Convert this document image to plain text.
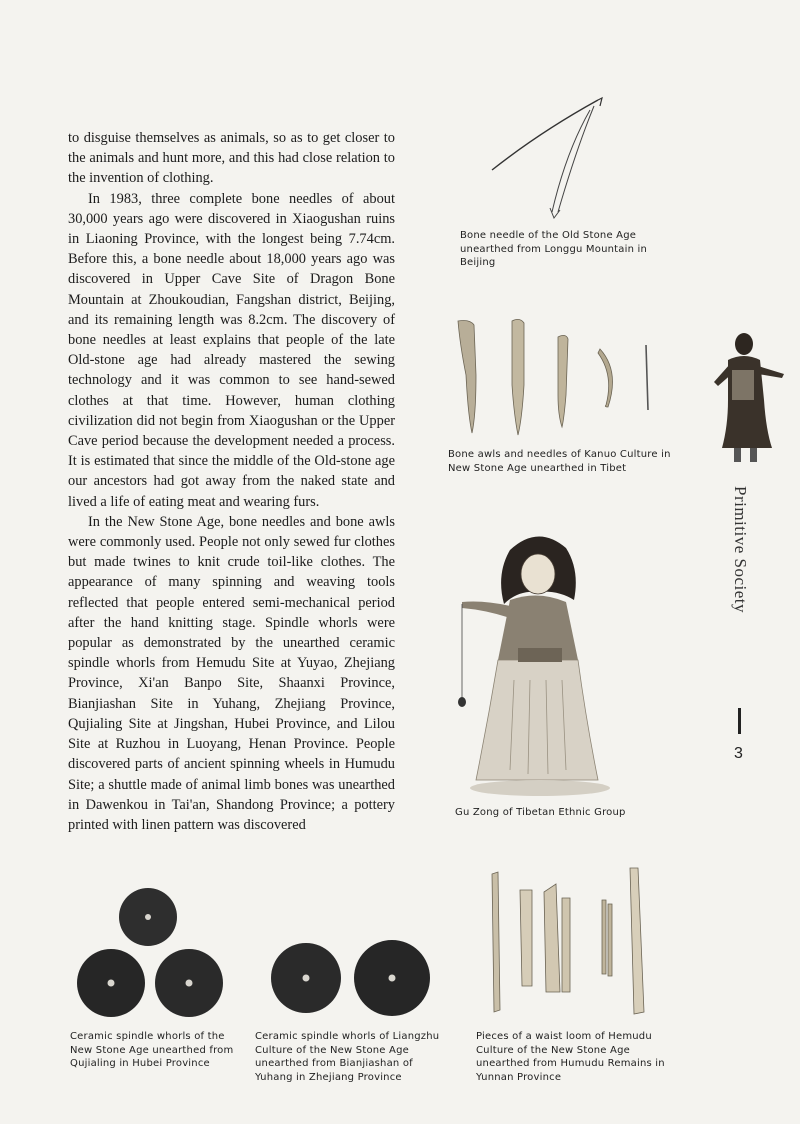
to disguise themselves as animals, so as to get closer to the animals and hunt more, and this had close relation to the invention of clothing.

In 1983, three complete bone needles of about 30,000 years ago were discovered in Xiaogushan ruins in Liaoning Province, with the longest being 7.74cm. Before this, a bone needle about 18,000 years ago was discovered in Upper Cave Site of Dragon Bone Mountain at Zhoukoudian, Fangshan district, Beijing, and its remaining length was 8.2cm. The discovery of bone needles at least explains that people of the late Old-stone age had already mastered the sewing technology and it was common to see hand-sewed clothes at that time. However, human clothing civilization did not begin from Xiaogushan or the Upper Cave period because the development needed a process. It is estimated that since the middle of the Old-stone age our ancestors had got away from the naked state and lived a life of eating meat and wearing furs.

In the New Stone Age, bone needles and bone awls were commonly used. People not only sewed fur clothes but made twines to knit crude toil-like clothes. The appearance of many spinning and weaving tools reflected that people entered semi-mechanical period after the hand knitting stage. Spindle whorls were popular as demonstrated by the unearthed ceramic spindle whorls from Hemudu Site at Yuyao, Zhejiang Province, Xi'an Banpo Site, Shaanxi Province, Bianjiashan Site in Yuhang, Zhejiang Province, Qujialing Site at Jingshan, Hubei Province, and Lilou Site at Ruzhou in Luoyang, Henan Province. People discovered parts of ancient spinning wheels in Humudu Site; a shuttle made of animal limb bones was unearthed in Dawenkou in Tai'an, Shandong Province; a pottery printed with linen pattern was discovered

Bone needle of the Old Stone Age unearthed from Longgu Mountain in Beijing
Bone awls and needles of Kanuo Culture in New Stone Age unearthed in Tibet
Primitive Society
3
Gu Zong of Tibetan Ethnic Group
Ceramic spindle whorls of the New Stone Age unearthed from Qujialing in Hubei Province
Ceramic spindle whorls of Liangzhu Culture of the New Stone Age unearthed from Bianjiashan of Yuhang in Zhejiang Province
Pieces of a waist loom of Hemudu Culture of the New Stone Age unearthed from Humudu Remains in Yunnan Province
